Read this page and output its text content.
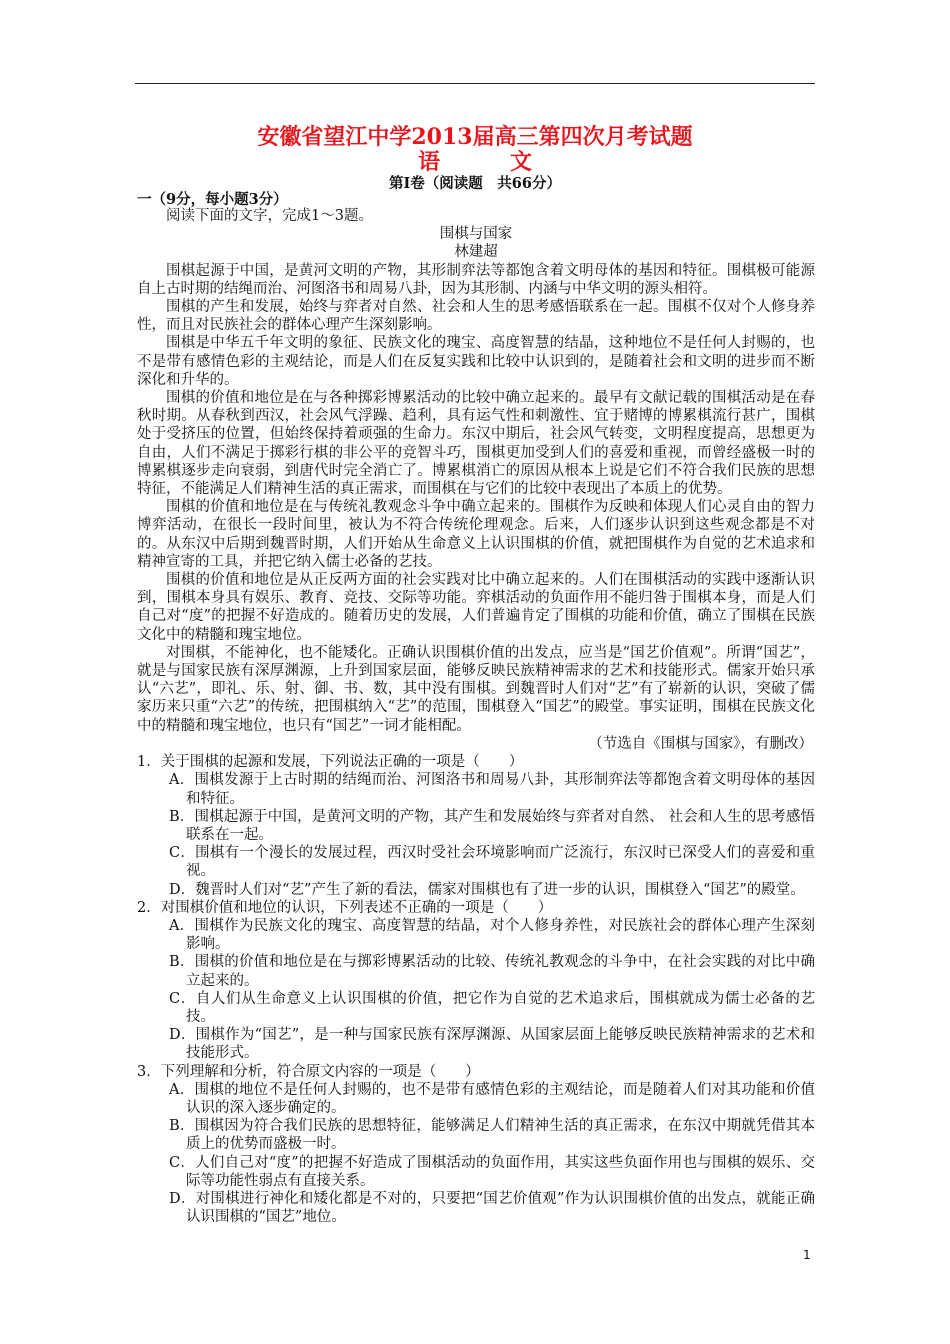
安徽省望江中学2013届高三第四次月考试题
语文
第Ⅰ卷（阅读题　共66分）
一（9分，每小题3分）

阅读下面的文字，完成1～3题。

围棋与国家

林建超

围棋起源于中国，是黄河文明的产物，其形制弈法等都饱含着文明母体的基因和特征。围棋极可能源自上古时期的结绳而治、河图洛书和周易八卦，因为其形制、内涵与中华文明的源头相符。

围棋的产生和发展，始终与弈者对自然、社会和人生的思考感悟联系在一起。围棋不仅对个人修身养性，而且对民族社会的群体心理产生深刻影响。

围棋是中华五千年文明的象征、民族文化的瑰宝、高度智慧的结晶，这种地位不是任何人封赐的，也不是带有感情色彩的主观结论，而是人们在反复实践和比较中认识到的，是随着社会和文明的进步而不断深化和升华的。

围棋的价值和地位是在与各种掷彩博累活动的比较中确立起来的。最早有文献记载的围棋活动是在春秋时期。从春秋到西汉，社会风气浮躁、趋利，具有运气性和刺激性、宜于赌博的博累棋流行甚广，围棋处于受挤压的位置，但始终保持着顽强的生命力。东汉中期后，社会风气转变，文明程度提高，思想更为自由，人们不满足于掷彩行棋的非公平的竞智斗巧，围棋更加受到人们的喜爱和重视，而曾经盛极一时的博累棋逐步走向衰弱，到唐代时完全消亡了。博累棋消亡的原因从根本上说是它们不符合我们民族的思想特征，不能满足人们精神生活的真正需求，而围棋在与它们的比较中表现出了本质上的优势。

围棋的价值和地位是在与传统礼教观念斗争中确立起来的。围棋作为反映和体现人们心灵自由的智力博弈活动，在很长一段时间里，被认为不符合传统伦理观念。后来，人们逐步认识到这些观念都是不对的。从东汉中后期到魏晋时期，人们开始从生命意义上认识围棋的价值，就把围棋作为自觉的艺术追求和精神宣寄的工具，并把它纳入儒士必备的艺技。

围棋的价值和地位是从正反两方面的社会实践对比中确立起来的。人们在围棋活动的实践中逐渐认识到，围棋本身具有娱乐、教育、竞技、交际等功能。弈棋活动的负面作用不能归咎于围棋本身，而是人们自己对“度”的把握不好造成的。随着历史的发展，人们普遍肯定了围棋的功能和价值，确立了围棋在民族文化中的精髓和瑰宝地位。

对围棋，不能神化，也不能矮化。正确认识围棋价值的出发点，应当是“国艺价值观”。所谓“国艺”，就是与国家民族有深厚渊源，上升到国家层面，能够反映民族精神需求的艺术和技能形式。儒家开始只承认“六艺”，即礼、乐、射、御、书、数，其中没有围棋。到魏晋时人们对“艺”有了崭新的认识，突破了儒家历来只重“六艺”的传统，把围棋纳入“艺”的范围，围棋登入“国艺”的殿堂。事实证明，围棋在民族文化中的精髓和瑰宝地位，也只有“国艺”一词才能相配。

（节选自《围棋与国家》，有删改）

1．关于围棋的起源和发展，下列说法正确的一项是（　　）

A．围棋发源于上古时期的结绳而治、河图洛书和周易八卦，其形制弈法等都饱含着文明母体的基因和特征。

B．围棋起源于中国，是黄河文明的产物，其产生和发展始终与弈者对自然、 社会和人生的思考感悟联系在一起。

C．围棋有一个漫长的发展过程，西汉时受社会环境影响而广泛流行，东汉时已深受人们的喜爱和重视。

D．魏晋时人们对“艺”产生了新的看法，儒家对围棋也有了进一步的认识，围棋登入“国艺”的殿堂。

2．对围棋价值和地位的认识，下列表述不正确的一项是（　　）

A．围棋作为民族文化的瑰宝、高度智慧的结晶，对个人修身养性，对民族社会的群体心理产生深刻影响。

B．围棋的价值和地位是在与掷彩博累活动的比较、传统礼教观念的斗争中，在社会实践的对比中确立起来的。

C．自人们从生命意义上认识围棋的价值，把它作为自觉的艺术追求后，围棋就成为儒士必备的艺技。

D．围棋作为“国艺”，是一种与国家民族有深厚渊源、从国家层面上能够反映民族精神需求的艺术和技能形式。

3．下列理解和分析，符合原文内容的一项是（　　）

A．围棋的地位不是任何人封赐的，也不是带有感情色彩的主观结论，而是随着人们对其功能和价值认识的深入逐步确定的。

B．围棋因为符合我们民族的思想特征，能够满足人们精神生活的真正需求，在东汉中期就凭借其本质上的优势而盛极一时。

C．人们自己对“度”的把握不好造成了围棋活动的负面作用，其实这些负面作用也与围棋的娱乐、交际等功能性弱点有直接关系。

D．对围棋进行神化和矮化都是不对的，只要把“国艺价值观”作为认识围棋价值的出发点，就能正确认识围棋的“国艺”地位。

1
